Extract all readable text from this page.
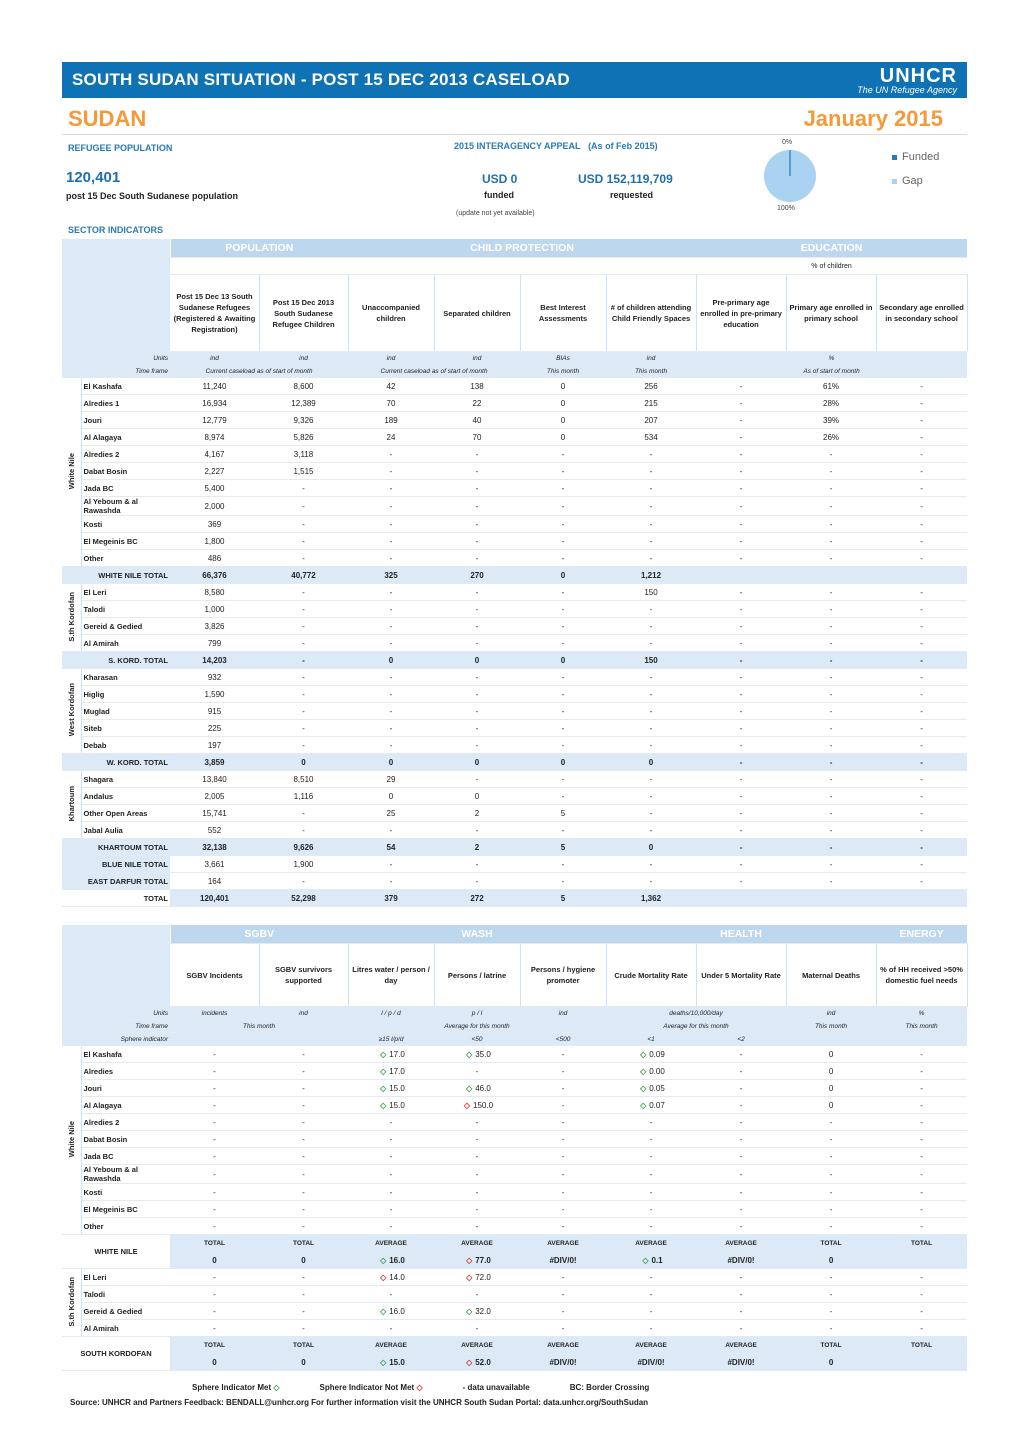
SOUTH SUDAN SITUATION - POST 15 DEC 2013 CASELOAD	UNHCR
The UN Refugee Agency
SUDAN	January 2015
REFUGEE POPULATION
120,401
post 15 Dec South Sudanese population
2015 INTERAGENCY APPEAL (As of Feb 2015)
USD 0
funded
USD 152,119,709
requested
(update not yet available)
0%
100%
Funded
Gap
SECTOR INDICATORS
		POPULATION		CHILD PROTECTION				EDUCATION		
								% of children		
		Post 15 Dec 13 South Sudanese Refugees (Registered & Awaiting Registration)	Post 15 Dec 2013 South Sudanese Refugee Children	Unaccompanied children	Separated children	Best Interest Assessments	# of children attending Child Friendly Spaces	Pre-primary age enrolled in pre-primary education	Primary age enrolled in primary school	Secondary age enrolled in secondary school
Units		ind	ind	ind	ind	BIAs	ind	%		
Time frame		Current caseload as of start of month		Current caseload as of start of month		This month	This month	As of start of month		
White Nile	El Kashafa	11,240	8,600	42	138	0	256	-	61%	-
	Alredies 1	16,934	12,389	70	22	0	215	-	28%	-
	Jouri	12,779	9,326	189	40	0	207	-	39%	-
	Al Alagaya	8,974	5,826	24	70	0	534	-	26%	-
	Alredies 2	4,167	3,118	-	-	-	-	-	-	-
	Dabat Bosin	2,227	1,515	-	-	-	-	-	-	-
	Jada BC	5,400	-	-	-	-	-	-	-	-
	Al Yeboum & al Rawashda	2,000	-	-	-	-	-	-	-	-
	Kosti	369	-	-	-	-	-	-	-	-
	El Megeinis BC	1,800	-	-	-	-	-	-	-	-
	Other	486	-	-	-	-	-	-	-	-
WHITE NILE TOTAL		66,376	40,772	325	270	0	1,212			
S.th Kordofan	El Leri	8,580	-	-	-	-	150	-	-	-
	Talodi	1,000	-	-	-	-	-	-	-	-
	Gereid & Gedied	3,826	-	-	-	-	-	-	-	-
	Al Amirah	799	-	-	-	-	-	-	-	-
S. KORD. TOTAL		14,203	-	0	0	0	150	-	-	-
West Kordofan	Kharasan	932	-	-	-	-	-	-	-	-
	Higlig	1,590	-	-	-	-	-	-	-	-
	Muglad	915	-	-	-	-	-	-	-	-
	Siteb	225	-	-	-	-	-	-	-	-
	Debab	197	-	-	-	-	-	-	-	-
W. KORD. TOTAL		3,859	0	0	0	0	0	-	-	-
Khartoum	Shagara	13,840	8,510	29	-	-	-	-	-	-
	Andalus	2,005	1,116	0	0	-	-	-	-	-
	Other Open Areas	15,741	-	25	2	5	-	-	-	-
	Jabal Aulia	552	-	-	-	-	-	-	-	-
KHARTOUM TOTAL		32,138	9,626	54	2	5	0	-	-	-
BLUE NILE TOTAL		3,661	1,900	-	-	-	-	-	-	-
EAST DARFUR TOTAL		164	-	-	-	-	-	-	-	-
TOTAL		120,401	52,298	379	272	5	1,362			
		SGBV		WASH			HEALTH			ENERGY
		SGBV Incidents	SGBV survivors supported	Litres water / person / day	Persons / latrine	Persons / hygiene promoter	Crude Mortality Rate	Under 5 Mortality Rate	Maternal Deaths	% of HH received >50% domestic fuel needs
Units		incidents	ind	l / p / d	p / l	ind	deaths/10,000/day		ind	%
Time frame		This month		Average for this month			Average for this month		This month	This month
Sphere indicator				≥15 l/p/d	<50	<500	<1	<2		
White Nile	El Kashafa	-	-	◇ 17.0	◇ 35.0	-	◇ 0.09	-	0	-
	Alredies	-	-	◇ 17.0	-	-	◇ 0.00	-	0	-
	Jouri	-	-	◇ 15.0	◇ 46.0	-	◇ 0.05	-	0	-
	Al Alagaya	-	-	◇ 15.0	◇ 150.0	-	◇ 0.07	-	0	-
	Alredies 2	-	-	-	-	-	-	-	-	-
	Dabat Bosin	-	-	-	-	-	-	-	-	-
	Jada BC	-	-	-	-	-	-	-	-	-
	Al Yeboum & al Rawashda	-	-	-	-	-	-	-	-	-
	Kosti	-	-	-	-	-	-	-	-	-
	El Megeinis BC	-	-	-	-	-	-	-	-	-
	Other	-	-	-	-	-	-	-	-	-
WHITE NILE		TOTAL	TOTAL	AVERAGE	AVERAGE	AVERAGE	AVERAGE	AVERAGE	TOTAL	TOTAL
		0	0	◇ 16.0	◇ 77.0	#DIV/0!	◇ 0.1	#DIV/0!	0	
S.th Kordofan	El Leri	-	-	◇ 14.0	◇ 72.0	-	-	-	-	-
	Talodi	-	-	-	-	-	-	-	-	-
	Gereid & Gedied	-	-	◇ 16.0	◇ 32.0	-	-	-	-	-
	Al Amirah	-	-	-	-	-	-	-	-	-
SOUTH KORDOFAN		TOTAL	TOTAL	AVERAGE	AVERAGE	AVERAGE	AVERAGE	AVERAGE	TOTAL	TOTAL
		0	0	◇ 15.0	◇ 52.0	#DIV/0!	#DIV/0!	#DIV/0!	0	
Sphere Indicator Met ◇	Sphere Indicator Not Met ◇	- data unavailable	BC: Border Crossing
Source: UNHCR and Partners Feedback: BENDALL@unhcr.org For further information visit the UNHCR South Sudan Portal: data.unhcr.org/SouthSudan
